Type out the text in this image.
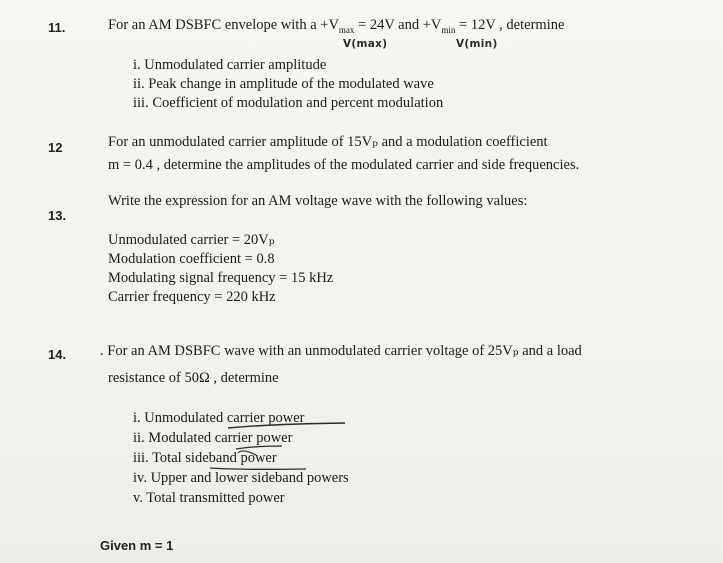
11.	For an AM DSBFC envelope with $a +V_{max} = 24V$ and $+V_{min} = 12V$ , determine
V(max)	V(min)
i. Unmodulated carrier amplitude
ii. Peak change in amplitude of the modulated wave
iii. Coefficient of modulation and percent modulation
12	For an unmodulated carrier amplitude of 15Vₚ and a modulation coefficient
m = 0.4 , determine the amplitudes of the modulated carrier and side frequencies.
Write the expression for an AM voltage wave with the following values:
13.
Unmodulated carrier = 20Vₚ
Modulation coefficient = 0.8
Modulating signal frequency = 15 kHz
Carrier frequency = 220 kHz
14. . For an AM DSBFC wave with an unmodulated carrier voltage of 25Vₚ and a load
resistance of 50Ω , determine
i. Unmodulated carrier power
ii. Modulated carrier power
iii. Total sideband power
iv. Upper and lower sideband powers
v. Total transmitted power
Given m = 1
